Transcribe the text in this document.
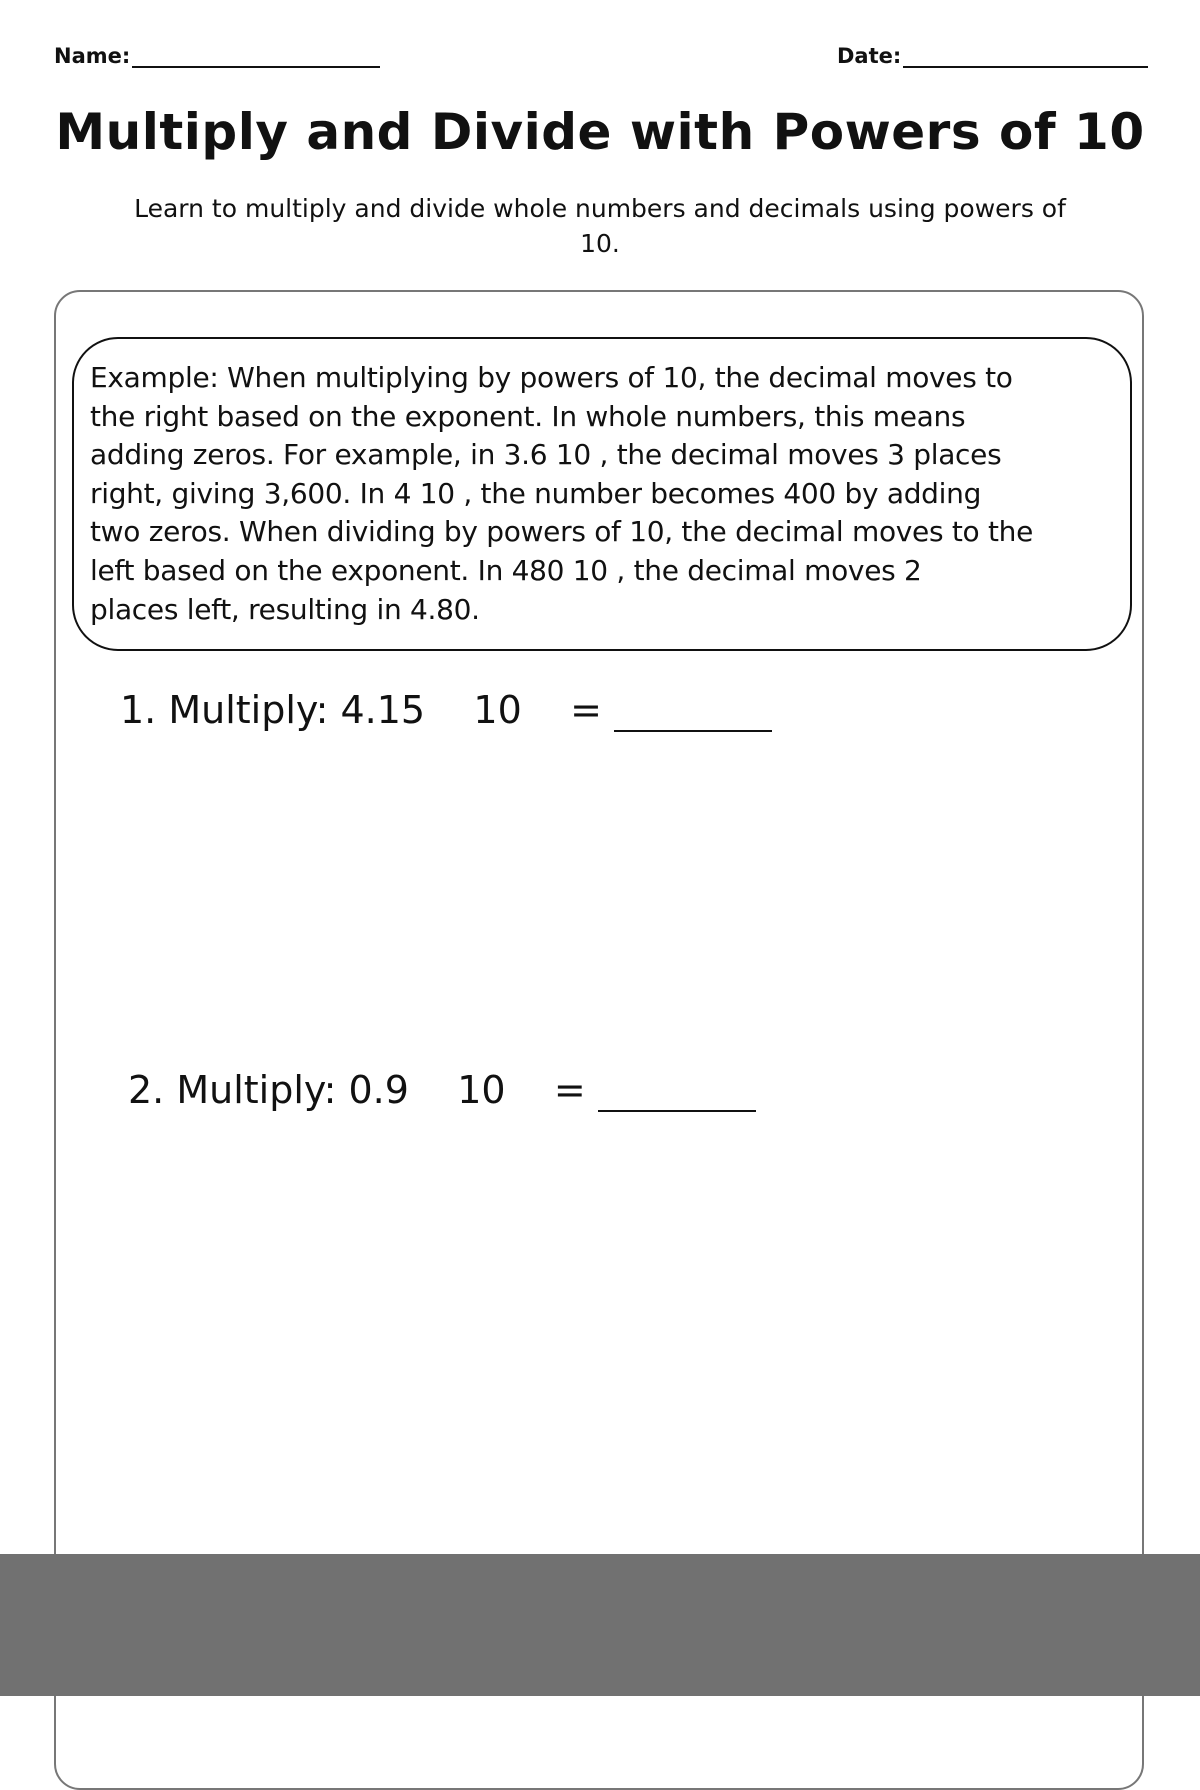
Name:	Date:
Multiply and Divide with Powers of 10
Learn to multiply and divide whole numbers and decimals using powers of 10.

Example: When multiplying by powers of 10, the decimal moves to

the right based on the exponent. In whole numbers, this means

adding zeros. For example, in 3.6 10 , the decimal moves 3 places

right, giving 3,600. In 4 10 , the number becomes 400 by adding

two zeros. When dividing by powers of 10, the decimal moves to the

left based on the exponent. In 480 10 , the decimal moves 2

places left, resulting in 4.80.

1. Multiply: 4.15    10    =
2. Multiply: 0.9    10    =
